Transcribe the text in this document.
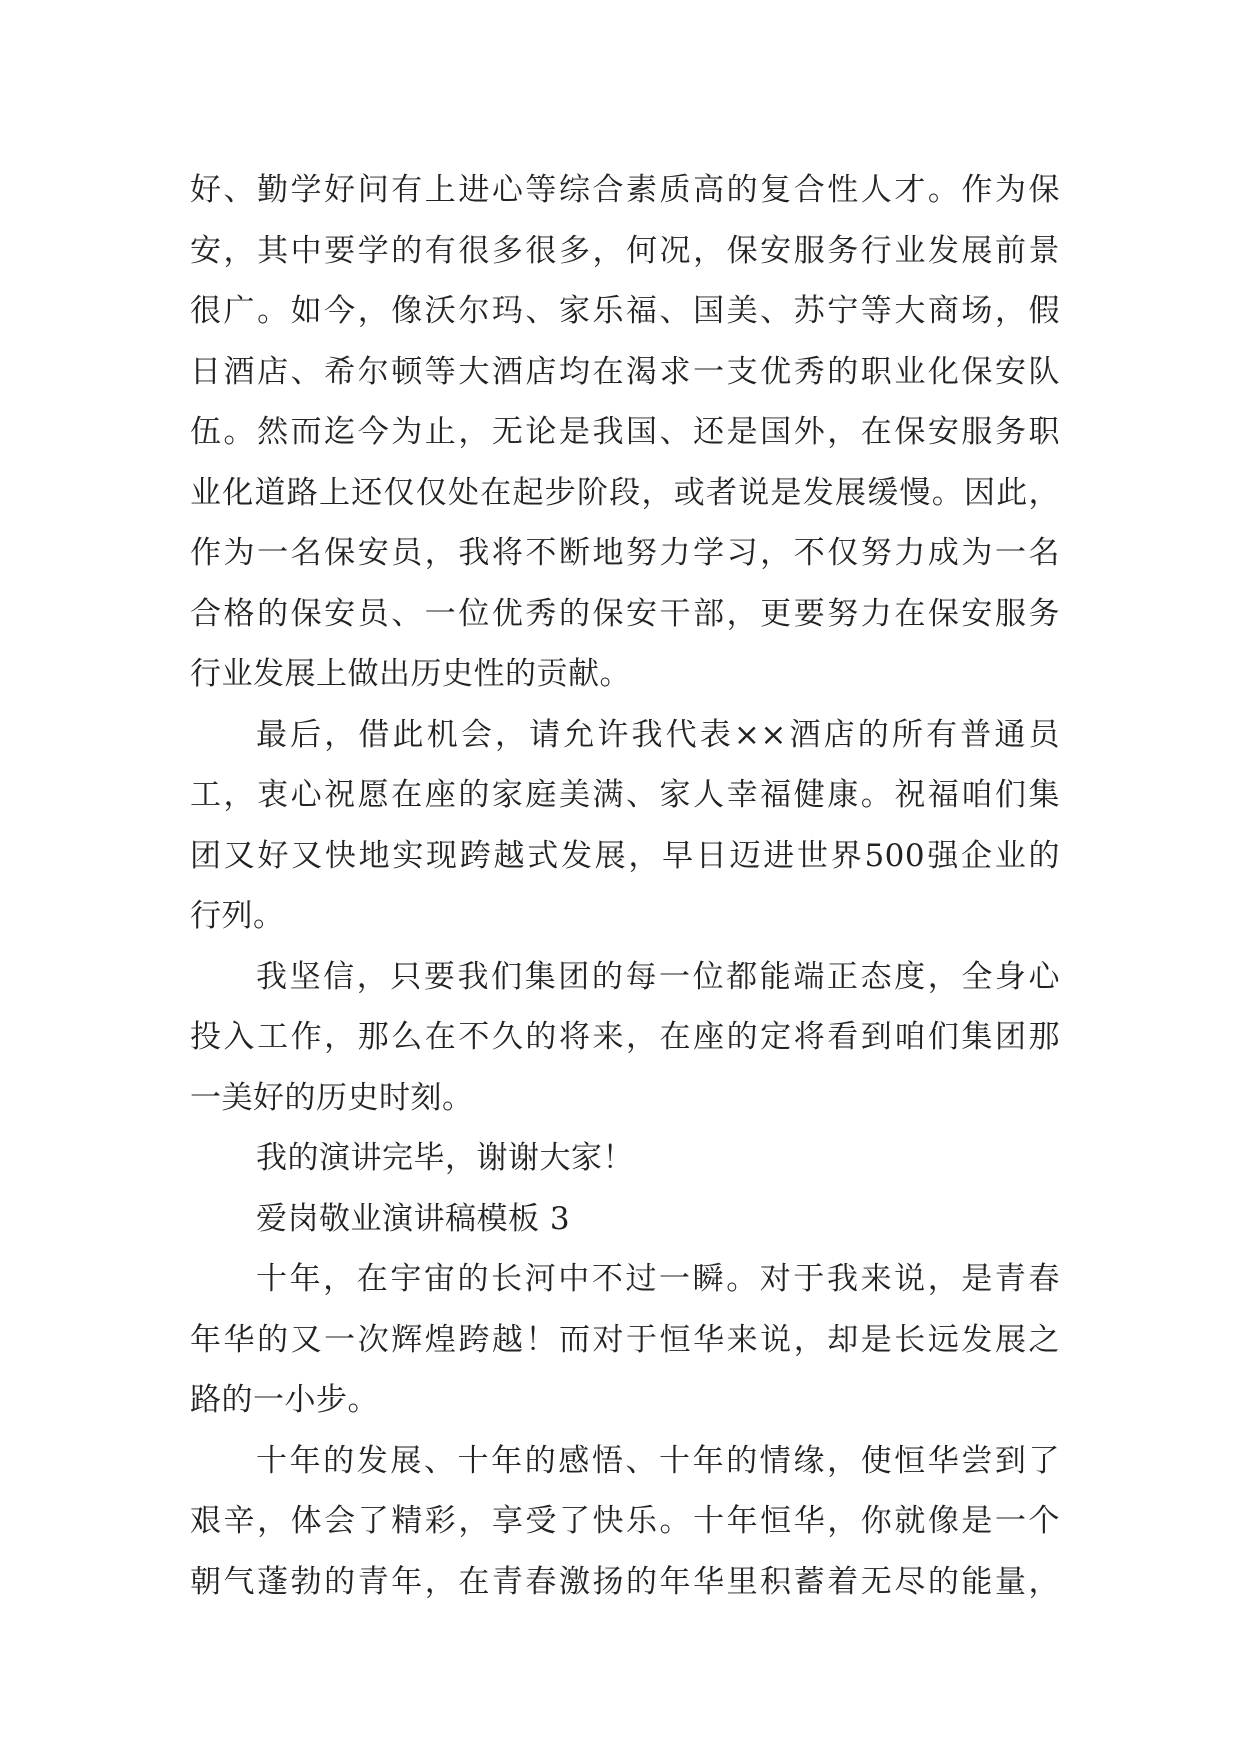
好、勤学好问有上进心等综合素质高的复合性人才。作为保
安，其中要学的有很多很多，何况，保安服务行业发展前景
很广。如今，像沃尔玛、家乐福、国美、苏宁等大商场，假
日酒店、希尔顿等大酒店均在渴求一支优秀的职业化保安队
伍。然而迄今为止，无论是我国、还是国外，在保安服务职
业化道路上还仅仅处在起步阶段，或者说是发展缓慢。因此，
作为一名保安员，我将不断地努力学习，不仅努力成为一名
合格的保安员、一位优秀的保安干部，更要努力在保安服务
行业发展上做出历史性的贡献。
最后，借此机会，请允许我代表××酒店的所有普通员
工，衷心祝愿在座的家庭美满、家人幸福健康。祝福咱们集
团又好又快地实现跨越式发展，早日迈进世界500强企业的
行列。
我坚信，只要我们集团的每一位都能端正态度，全身心
投入工作，那么在不久的将来，在座的定将看到咱们集团那
一美好的历史时刻。
我的演讲完毕，谢谢大家！
爱岗敬业演讲稿模板 3
十年，在宇宙的长河中不过一瞬。对于我来说，是青春
年华的又一次辉煌跨越！而对于恒华来说，却是长远发展之
路的一小步。
十年的发展、十年的感悟、十年的情缘，使恒华尝到了
艰辛，体会了精彩，享受了快乐。十年恒华，你就像是一个
朝气蓬勃的青年，在青春激扬的年华里积蓄着无尽的能量，
